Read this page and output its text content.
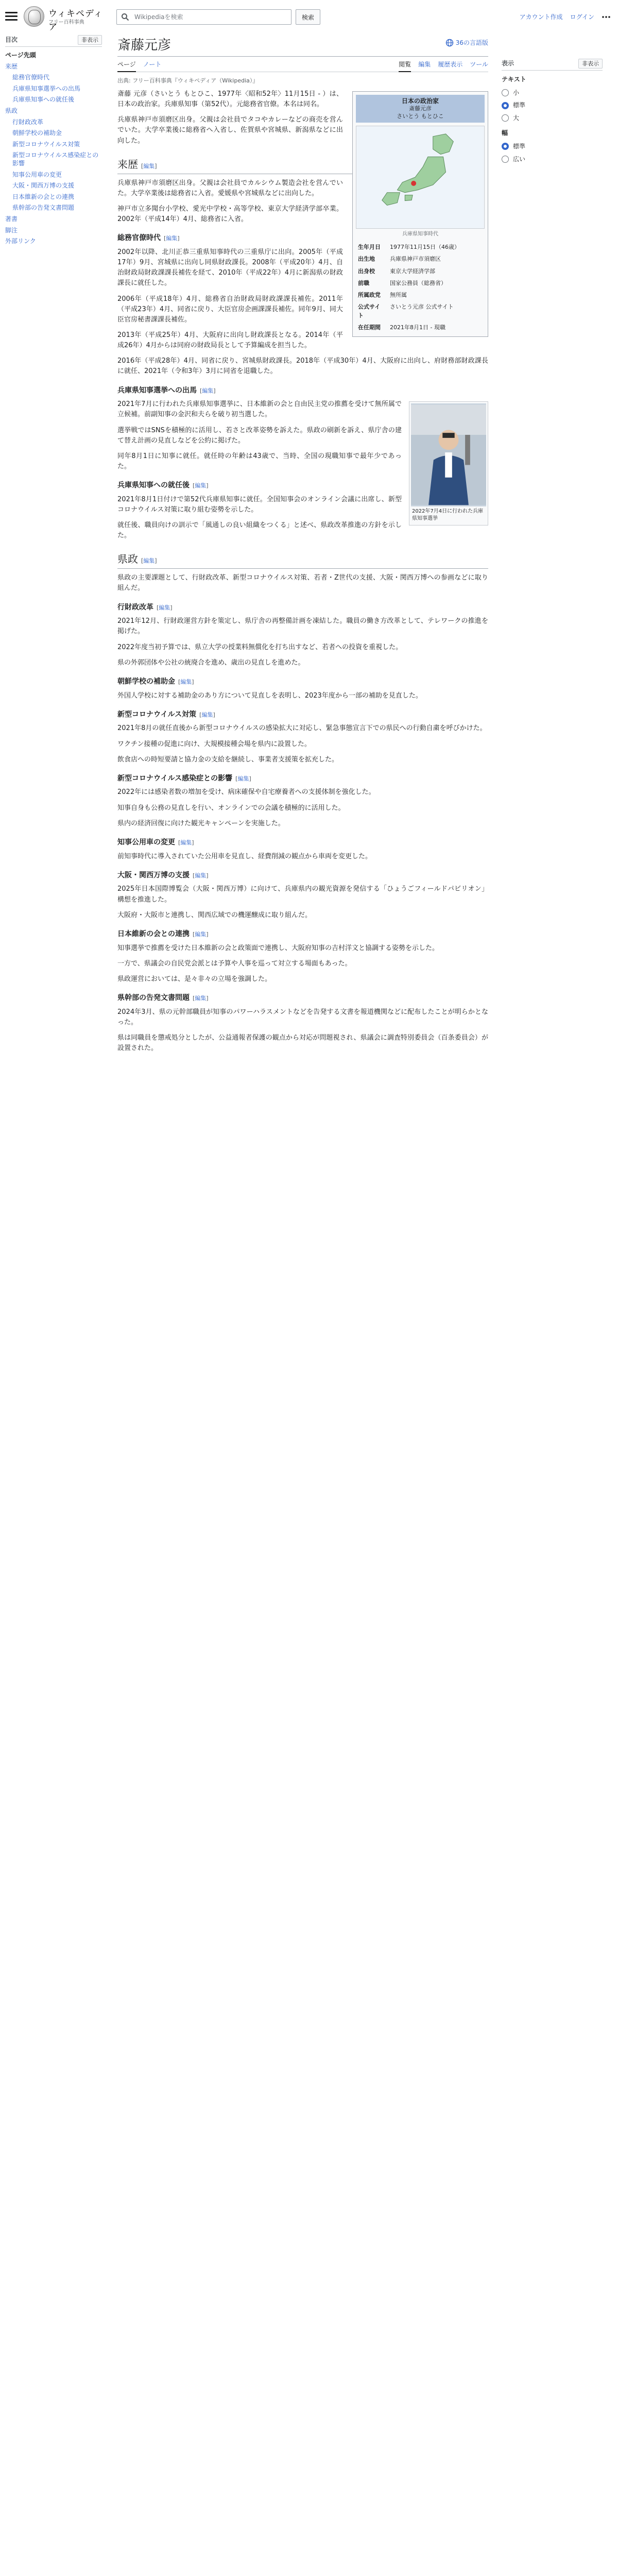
ウィキペディア
フリー百科事典
Wikipediaを検索
検索	アカウント作成 ログイン
目次	非表示
ページ先頭
来歴
総務官僚時代
兵庫県知事選挙への出馬
兵庫県知事への就任後
県政
行財政改革
朝鮮学校の補助金
新型コロナウイルス対策
新型コロナウイルス感染症との影響
知事公用車の変更
大阪・関西万博の支援
日本維新の会との連携
県幹部の告発文書問題
著書
脚注
外部リンク
斎藤元彦	36の言語版
ページ ノート	閲覧 編集 履歴表示 ツール
出典: フリー百科事典『ウィキペディア（Wikipedia）』
日本の政治家
斎藤元彦
さいとう もとひこ
兵庫県知事時代
生年月日	1977年11月15日（46歳）
出生地	兵庫県神戸市須磨区
出身校	東京大学経済学部
前職	国家公務員（総務省）
所属政党	無所属
公式サイト	さいとう元彦 公式サイト
在任期間	2021年8月1日 - 現職

斎藤 元彦（さいとう もとひこ、1977年〈昭和52年〉11月15日 - ）は、日本の政治家。兵庫県知事（第52代）。元総務省官僚。本名は同名。

兵庫県神戸市須磨区出身。父親は会社員でタコやカレーなどの商売を営んでいた。大学卒業後に総務省へ入省し、佐賀県や宮城県、新潟県などに出向した。

来歴 [編集]

兵庫県神戸市須磨区出身。父親は会社員でカルシウム製造会社を営んでいた。大学卒業後は総務省に入省。愛媛県や宮城県などに出向した。

神戸市立多聞台小学校、愛光中学校・高等学校、東京大学経済学部卒業。2002年（平成14年）4月、総務省に入省。

総務官僚時代 [編集]

2002年以降、北川正恭三重県知事時代の三重県庁に出向。2005年（平成17年）9月、宮城県に出向し同県財政課長。2008年（平成20年）4月、自治財政局財政課課長補佐を経て、2010年（平成22年）4月に新潟県の財政課長に就任した。

2006年（平成18年）4月、総務省自治財政局財政課課長補佐。2011年（平成23年）4月、同省に戻り、大臣官房企画課課長補佐。同年9月、同大臣官房秘書課課長補佐。

2013年（平成25年）4月、大阪府に出向し財政課長となる。2014年（平成26年）4月からは同府の財政局長として予算編成を担当した。

2016年（平成28年）4月、同省に戻り、宮城県財政課長。2018年（平成30年）4月、大阪府に出向し、府財務部財政課長に就任、2021年（令和3年）3月に同省を退職した。

兵庫県知事選挙への出馬 [編集]
2022年7月4日に行われた兵庫県知事選挙

2021年7月に行われた兵庫県知事選挙に、日本維新の会と自由民主党の推薦を受けて無所属で立候補。前副知事の金沢和夫らを破り初当選した。

選挙戦ではSNSを積極的に活用し、若さと改革姿勢を訴えた。県政の刷新を訴え、県庁舎の建て替え計画の見直しなどを公約に掲げた。

同年8月1日に知事に就任。就任時の年齢は43歳で、当時、全国の現職知事で最年少であった。

兵庫県知事への就任後 [編集]

2021年8月1日付けで第52代兵庫県知事に就任。全国知事会のオンライン会議に出席し、新型コロナウイルス対策に取り組む姿勢を示した。

就任後、職員向けの訓示で「風通しの良い組織をつくる」と述べ、県政改革推進の方針を示した。

県政 [編集]

県政の主要課題として、行財政改革、新型コロナウイルス対策、若者・Z世代の支援、大阪・関西万博への参画などに取り組んだ。

行財政改革 [編集]

2021年12月、行財政運営方針を策定し、県庁舎の再整備計画を凍結した。職員の働き方改革として、テレワークの推進を掲げた。

2022年度当初予算では、県立大学の授業料無償化を打ち出すなど、若者への投資を重視した。

県の外郭団体や公社の統廃合を進め、歳出の見直しを進めた。

朝鮮学校の補助金 [編集]

外国人学校に対する補助金のあり方について見直しを表明し、2023年度から一部の補助を見直した。

新型コロナウイルス対策 [編集]

2021年8月の就任直後から新型コロナウイルスの感染拡大に対応し、緊急事態宣言下での県民への行動自粛を呼びかけた。

ワクチン接種の促進に向け、大規模接種会場を県内に設置した。

飲食店への時短要請と協力金の支給を継続し、事業者支援策を拡充した。

新型コロナウイルス感染症との影響 [編集]

2022年には感染者数の増加を受け、病床確保や自宅療養者への支援体制を強化した。

知事自身も公務の見直しを行い、オンラインでの会議を積極的に活用した。

県内の経済回復に向けた観光キャンペーンを実施した。

知事公用車の変更 [編集]

前知事時代に導入されていた公用車を見直し、経費削減の観点から車両を変更した。

大阪・関西万博の支援 [編集]

2025年日本国際博覧会（大阪・関西万博）に向けて、兵庫県内の観光資源を発信する「ひょうごフィールドパビリオン」構想を推進した。

大阪府・大阪市と連携し、関西広域での機運醸成に取り組んだ。

日本維新の会との連携 [編集]

知事選挙で推薦を受けた日本維新の会と政策面で連携し、大阪府知事の吉村洋文と協調する姿勢を示した。

一方で、県議会の自民党会派とは予算や人事を巡って対立する場面もあった。

県政運営においては、是々非々の立場を強調した。

県幹部の告発文書問題 [編集]

2024年3月、県の元幹部職員が知事のパワーハラスメントなどを告発する文書を報道機関などに配布したことが明らかとなった。

県は同職員を懲戒処分としたが、公益通報者保護の観点から対応が問題視され、県議会に調査特別委員会（百条委員会）が設置された。

表示	非表示
テキスト
小
標準
大
幅
標準
広い
